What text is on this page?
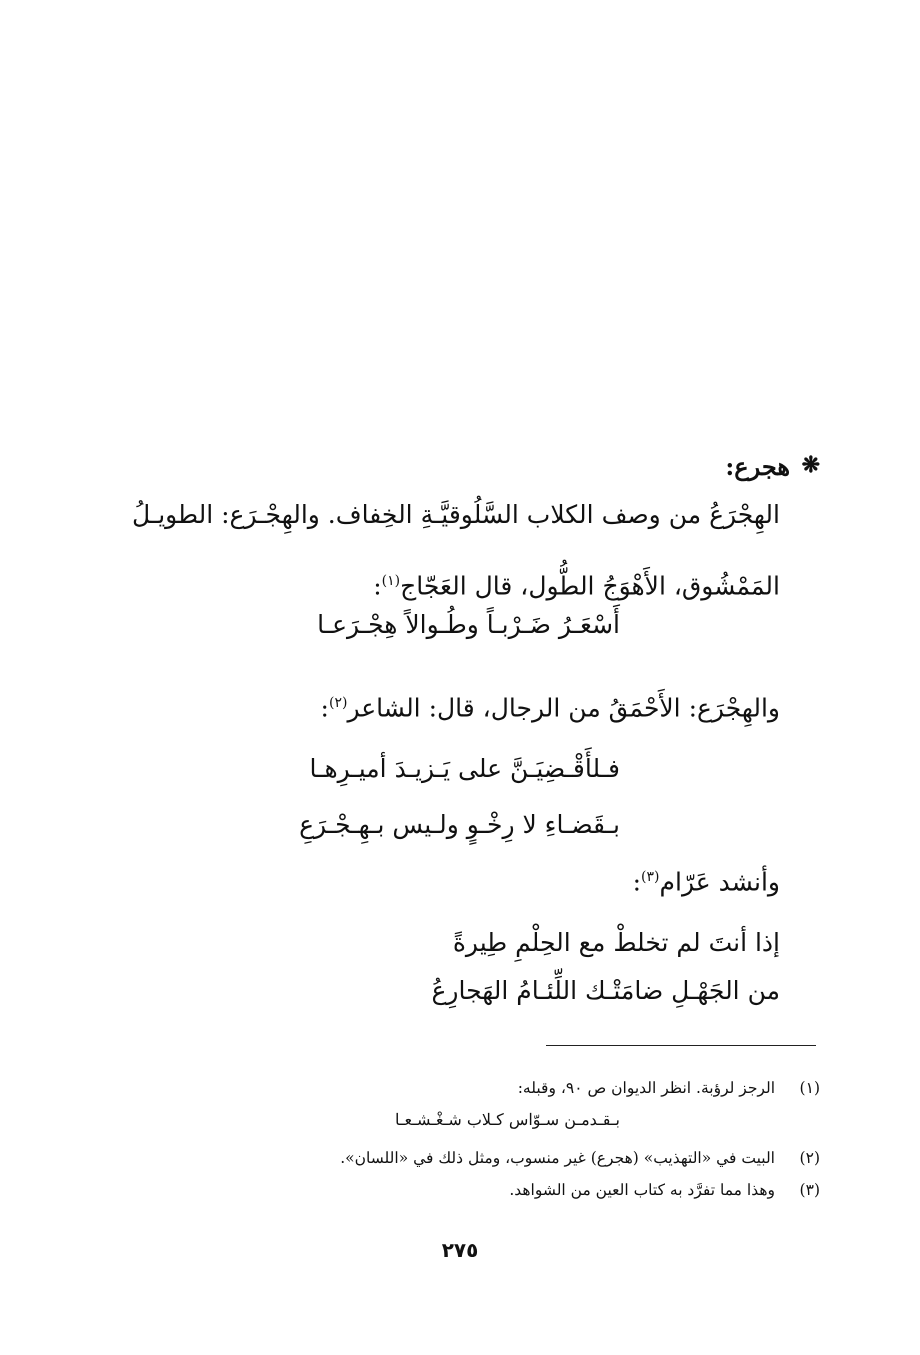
❋
هجرع:
الهِجْرَعُ من وصف الكلاب السَّلُوقيَّـةِ الخِفاف. والهِجْـرَع: الطويـلُ
المَمْشُوق، الأَهْوَجُ الطُّول، قال العَجّاج$^{(١)}$:
أَسْعَـرُ ضَـرْبـاً وطُـوالاً هِجْـرَعـا
والهِجْرَع: الأَحْمَقُ من الرجال، قال: الشاعر$^{(٢)}$:
فـلأَقْـضِيَـنَّ على يَـزيـدَ أميـرِهـا
بـقَضـاءِ لا رِخْـوٍ ولـيس بـهِـجْـرَعِ
وأنشد عَرّام$^{(٣)}$:
إذا أنتَ لم تخلطْ مع الحِلْمِ طِيرةً
من الجَهْـلِ ضامَتْـك اللِّئـامُ الهَجارِعُ
(١)الرجز لرؤبة. انظر الديوان ص ٩٠، وقبله:
بـقـدمـن سـوّاس كـلاب شـغْـشـعـا
(٢)البيت في «التهذيب» (هجرع) غير منسوب، ومثل ذلك في «اللسان».
(٣)وهذا مما تفرَّد به كتاب العين من الشواهد.
٢٧٥
